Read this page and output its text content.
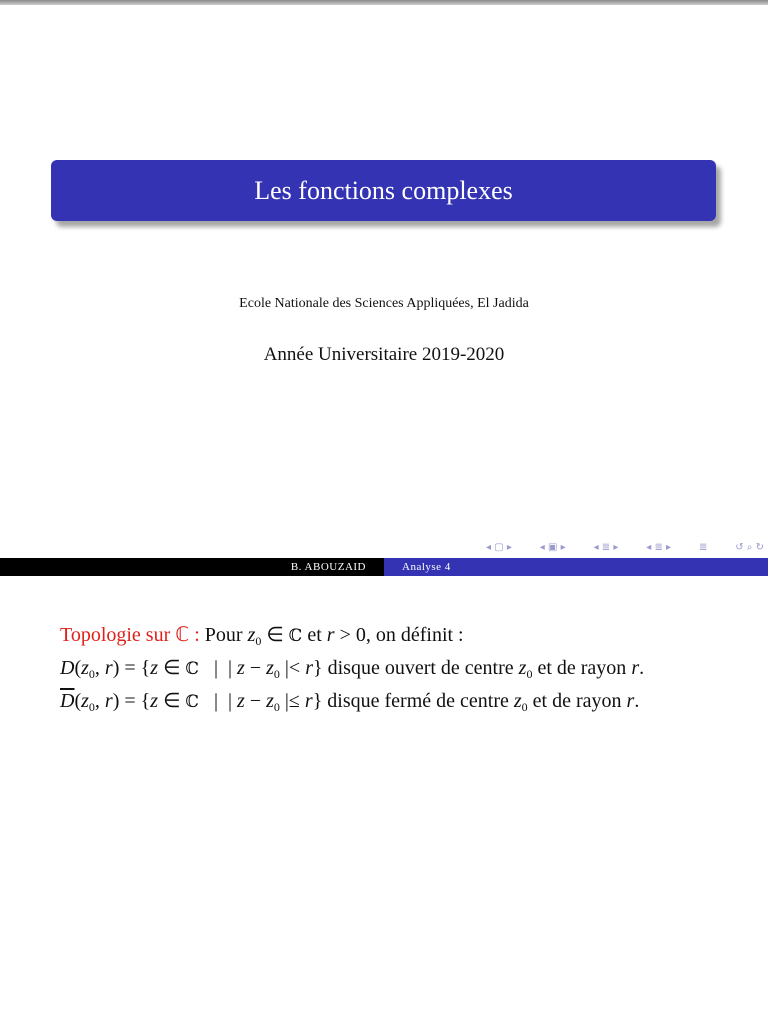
Les fonctions complexes
Ecole Nationale des Sciences Appliquées, El Jadida
Année Universitaire 2019-2020
◂ ▢ ▸	◂ ▣ ▸	◂ ≣ ▸	◂ ≣ ▸	≣	↺ ⌕ ↻
B. ABOUZAID	Analyse 4
Topologie sur ℂ : Pour $z_0$ ∈ ℂ et r > 0, on définit :
$D(z_0$, r) = {z ∈ ℂ   |  | $z - z_0$ |< r} disque ouvert de centre $z_0$ et de rayon r.
$\overline{D}(z_0$, r) = {z ∈ ℂ   |  | $z - z_0$ |≤ r} disque fermé de centre $z_0$ et de rayon r.
